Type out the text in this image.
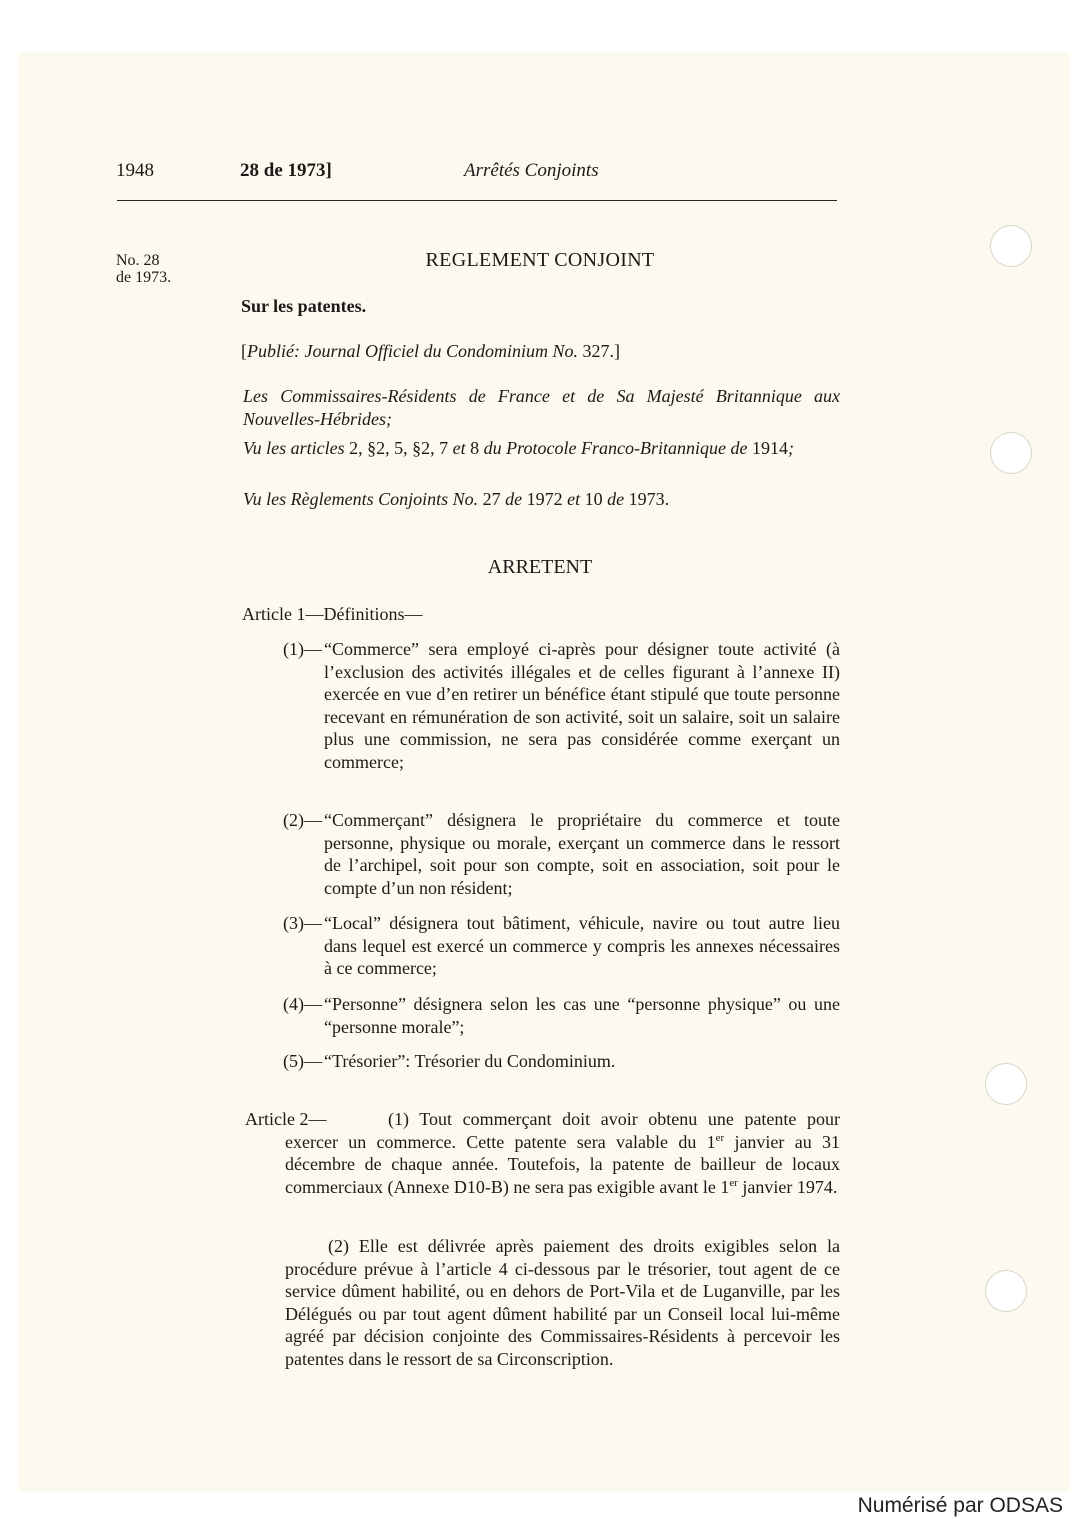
1948	28 de 1973]	Arrêtés Conjoints
No. 28
de 1973.
REGLEMENT CONJOINT
Sur les patentes.
[Publié: Journal Officiel du Condominium No. 327.]
Les Commissaires-Résidents de France et de Sa Majesté Britannique aux Nouvelles-Hébrides;
Vu les articles 2, §2, 5, §2, 7 et 8 du Protocole Franco-Britannique de 1914;
Vu les Règlements Conjoints No. 27 de 1972 et 10 de 1973.
ARRETENT
Article 1—Définitions—
(1)— “Commerce” sera employé ci-après pour désigner toute activité (à l’exclusion des activités illégales et de celles figurant à l’annexe II) exercée en vue d’en retirer un bénéfice étant stipulé que toute personne recevant en rémunération de son activité, soit un salaire, soit un salaire plus une commission, ne sera pas considérée comme exerçant un commerce;
(2)— “Commerçant” désignera le propriétaire du commerce et toute personne, physique ou morale, exerçant un commerce dans le ressort de l’archipel, soit pour son compte, soit en association, soit pour le compte d’un non résident;
(3)— “Local” désignera tout bâtiment, véhicule, navire ou tout autre lieu dans lequel est exercé un commerce y compris les annexes nécessaires à ce commerce;
(4)— “Personne” désignera selon les cas une “personne physique” ou une “personne morale”;
(5)— “Trésorier”: Trésorier du Condominium.
Article 2—	(1) Tout commerçant doit avoir obtenu une patente pour exercer un commerce. Cette patente sera valable du 1er janvier au 31 décembre de chaque année. Toutefois, la patente de bailleur de locaux commerciaux (Annexe D10-B) ne sera pas exigible avant le 1er janvier 1974.
(2) Elle est délivrée après paiement des droits exigibles selon la procédure prévue à l’article 4 ci-dessous par le trésorier, tout agent de ce service dûment habilité, ou en dehors de Port-Vila et de Luganville, par les Délégués ou par tout agent dûment habilité par un Conseil local lui-même agréé par décision conjointe des Commissaires-Résidents à percevoir les patentes dans le ressort de sa Circonscription.
Numérisé par ODSAS
